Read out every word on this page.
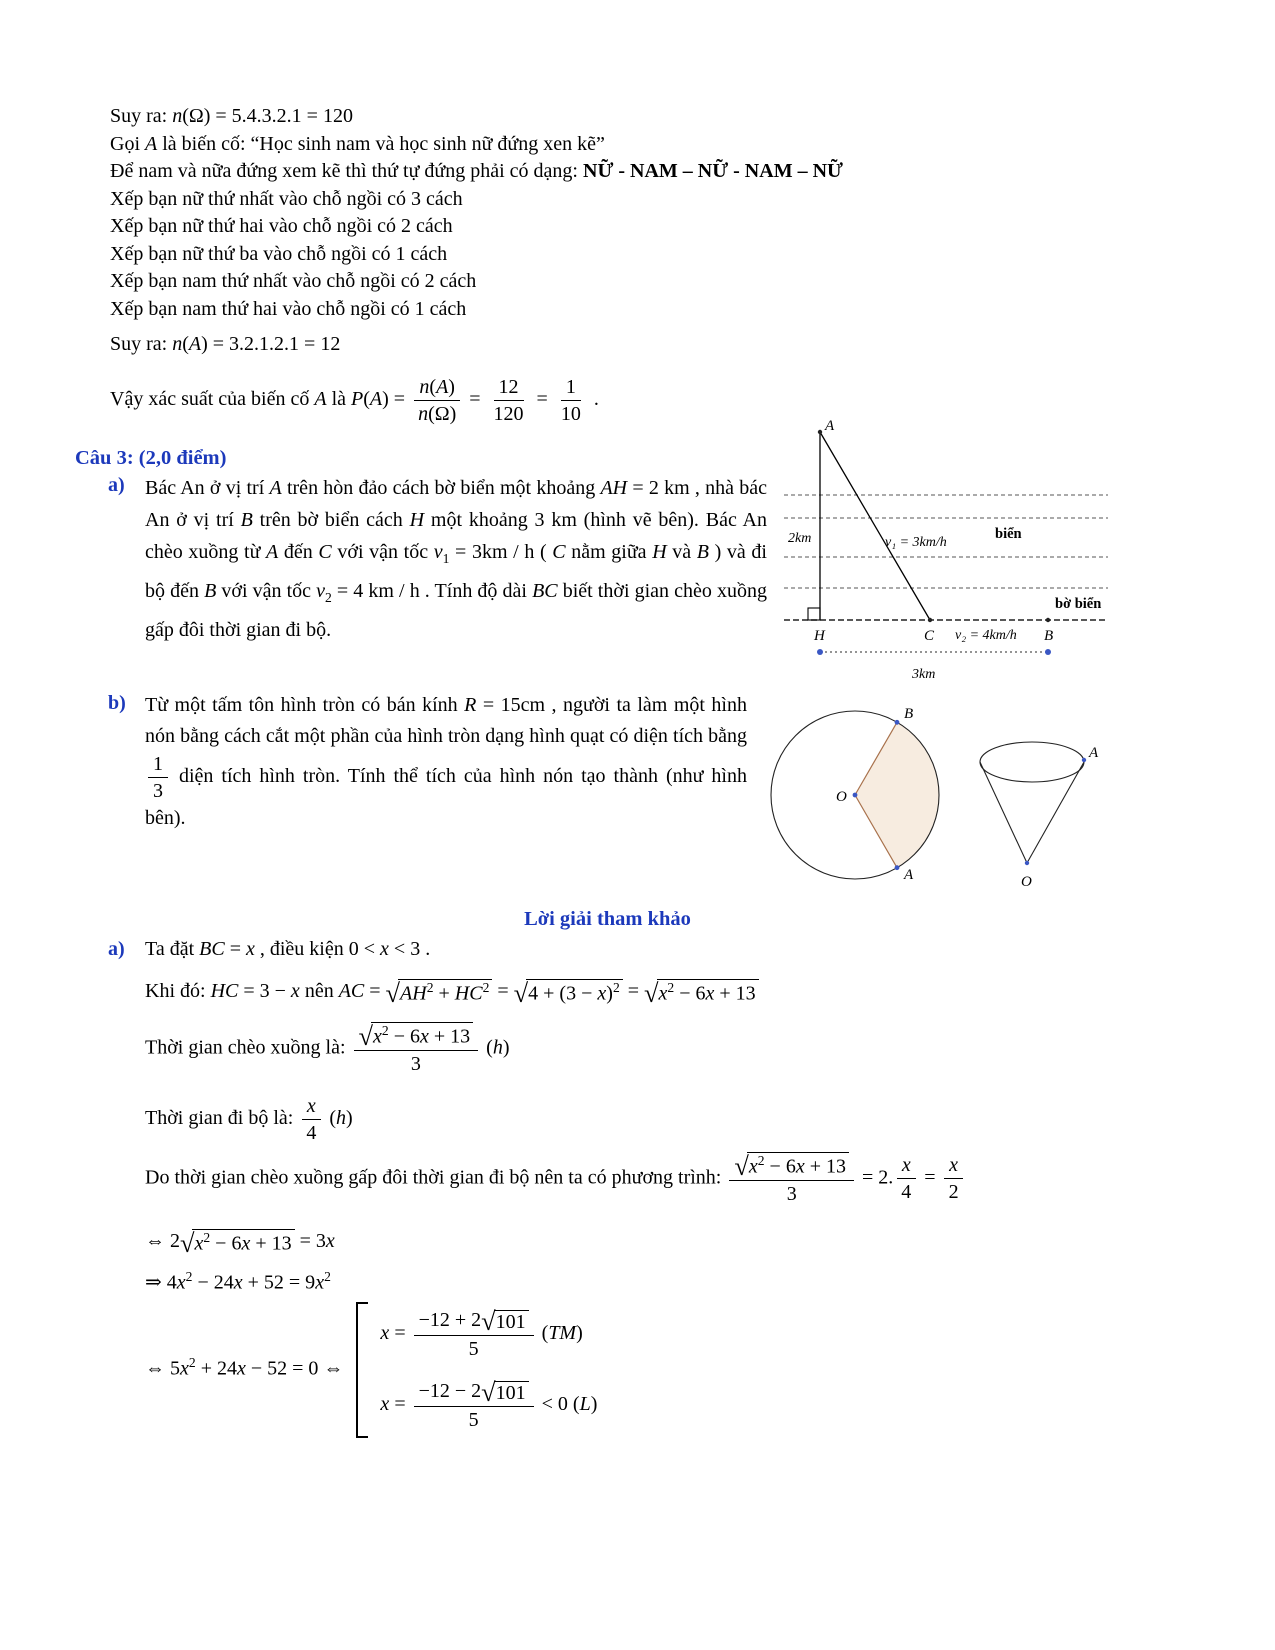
Suy ra: n(Ω) = 5.4.3.2.1 = 120
Gọi A là biến cố: “Học sinh nam và học sinh nữ đứng xen kẽ”
Để nam và nữa đứng xem kẽ thì thứ tự đứng phải có dạng: NỮ - NAM – NỮ - NAM – NỮ
Xếp bạn nữ thứ nhất vào chỗ ngồi có 3 cách
Xếp bạn nữ thứ hai vào chỗ ngồi có 2 cách
Xếp bạn nữ thứ ba vào chỗ ngồi có 1 cách
Xếp bạn nam thứ nhất vào chỗ ngồi có 2 cách
Xếp bạn nam thứ hai vào chỗ ngồi có 1 cách
Suy ra: n(A) = 3.2.1.2.1 = 12
Vậy xác suất của biến cố A là $P(A) = \frac{n(A)}{n(\Omega)} = \frac{12}{120} = \frac{1}{10}$ .
Câu 3: (2,0 điểm)
a) Bác An ở vị trí A trên hòn đảo cách bờ biển một khoảng AH = 2 km , nhà bác An ở vị trí B trên bờ biển cách H một khoảng 3 km (hình vẽ bên). Bác An chèo xuồng từ A đến C với vận tốc $v_1 = 3km / h$ ( C nằm giữa H và B ) và đi bộ đến B với vận tốc $v_2 = 4$ km / h . Tính độ dài BC biết thời gian chèo xuồng gấp đôi thời gian đi bộ.
A
2km	v₁ = 3km/h
biển
bờ biển
H	C v₂ = 4km/h B
3km
b) Từ một tấm tôn hình tròn có bán kính R = 15cm , người ta làm một hình nón bằng cách cắt một phần của hình tròn dạng hình quạt có diện tích bằng
$\frac{1}{3}$ diện tích hình tròn. Tính thể tích của hình nón tạo thành (như hình bên).
O
B
A
A
O
Lời giải tham khảo
a) Ta đặt BC = x , điều kiện 0 < x < 3 .
Khi đó: HC = 3 − x nên AC = √ $AH^2 + HC^2$ = √ $4 + (3 - x)^2$ = √ $x^2 - 6x + 13$
Thời gian chèo xuồng là: $\frac{√ x^2 - 6x + 13}{3} (h)$
Thời gian đi bộ là: $\frac{x}{4} (h)$
Do thời gian chèo xuồng gấp đôi thời gian đi bộ nên ta có phương trình: $\frac{√ x^2 - 6x + 13}{3} = 2$. $\frac{x}{4} = \frac{x}{2}$
⇔ 2 √ $x^2 - 6x + 13 = 3x$
⇒ $4x^2 - 24x + 52 = 9x^2$
⇔ $5x^2 + 24x - 52 = 0$ ⇔
$x = \frac{-12 + 2 √ 101}{5} (TM)$
$x = \frac{-12 - 2 √ 101}{5} < 0$ (L)
